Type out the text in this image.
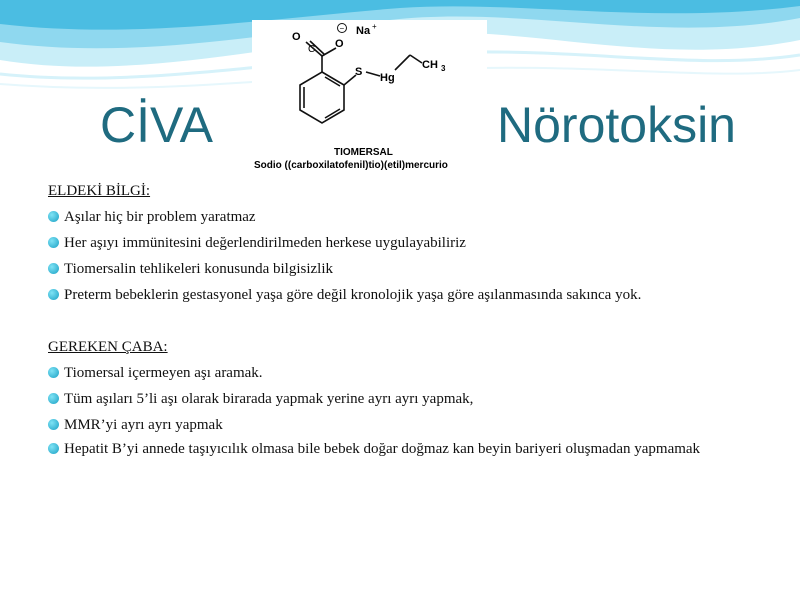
CİVA	Nörotoksin
O
C O
− Na +
S Hg
CH 3
TIOMERSAL
Sodio ((carboxilatofenil)tio)(etil)mercurio
ELDEKİ BİLGİ:
Aşılar hiç bir problem yaratmaz
Her aşıyı immünitesini değerlendirilmeden herkese uygulayabiliriz
Tiomersalin tehlikeleri konusunda bilgisizlik
Preterm bebeklerin gestasyonel yaşa göre değil kronolojik yaşa göre aşılanmasında sakınca yok.
GEREKEN ÇABA:
Tiomersal içermeyen aşı aramak.
Tüm aşıları 5’li aşı olarak birarada yapmak yerine ayrı ayrı yapmak,
MMR’yi ayrı ayrı yapmak
Hepatit B’yi annede taşıyıcılık olmasa bile bebek doğar doğmaz kan beyin bariyeri oluşmadan yapmamak
